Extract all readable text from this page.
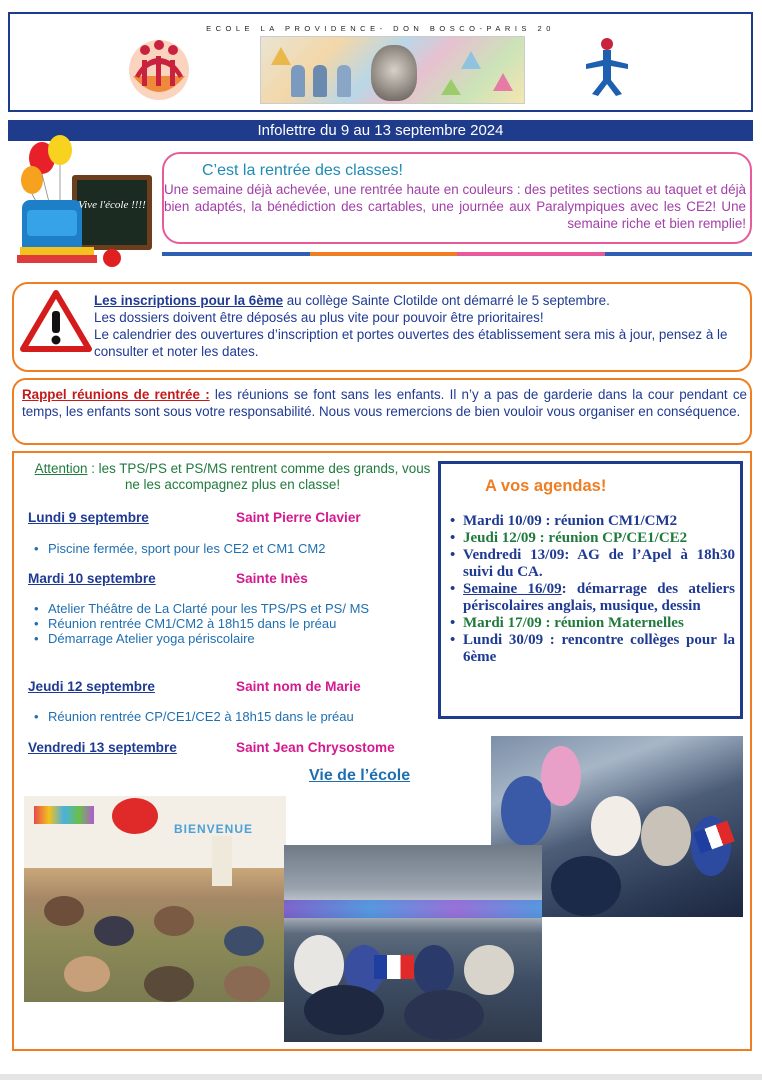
ECOLE LA PROVIDENCE- DON BOSCO-PARIS 20
Infolettre du 9 au 13 septembre 2024
Vive l'école !!!!
C’est la rentrée des classes!
Une semaine déjà achevée, une rentrée haute en couleurs : des petites sections au taquet et déjà bien adaptés, la bénédiction des cartables, une journée aux Paralympiques avec les CE2! Une semaine riche et bien remplie!
Les inscriptions pour la 6ème au collège Sainte Clotilde ont démarré le 5 septembre.
Les dossiers doivent être déposés au plus vite pour pouvoir être prioritaires!
Le calendrier des ouvertures d’inscription et portes ouvertes des établissement sera mis à jour, pensez à le consulter et noter les dates.
Rappel réunions de rentrée : les réunions se font sans les enfants. Il n’y a pas de garderie dans la cour pendant ce temps, les enfants sont sous votre responsabilité. Nous vous remercions de bien vouloir vous organiser en conséquence.
Attention : les TPS/PS et PS/MS rentrent comme des grands, vous ne les accompagnez plus en classe!
Lundi 9 septembre	Saint Pierre Clavier
• Piscine fermée, sport pour les CE2 et CM1 CM2
Mardi 10 septembre	Sainte Inès
• Atelier Théâtre de La Clarté pour les TPS/PS et PS/ MS
• Réunion rentrée CM1/CM2 à 18h15 dans le préau
• Démarrage Atelier yoga périscolaire
Jeudi 12 septembre	Saint nom de Marie
• Réunion rentrée CP/CE1/CE2 à 18h15 dans le préau
Vendredi 13 septembre	Saint Jean Chrysostome
A vos agendas!
• Mardi 10/09 : réunion CM1/CM2
• Jeudi 12/09 : réunion CP/CE1/CE2
• Vendredi 13/09: AG de l’Apel à 18h30 suivi du CA.
• Semaine 16/09: démarrage des ateliers périscolaires anglais, musique, dessin
• Mardi 17/09 : réunion Maternelles
• Lundi 30/09 : rencontre collèges pour la 6ème
Vie de l’école
BIENVENUE
